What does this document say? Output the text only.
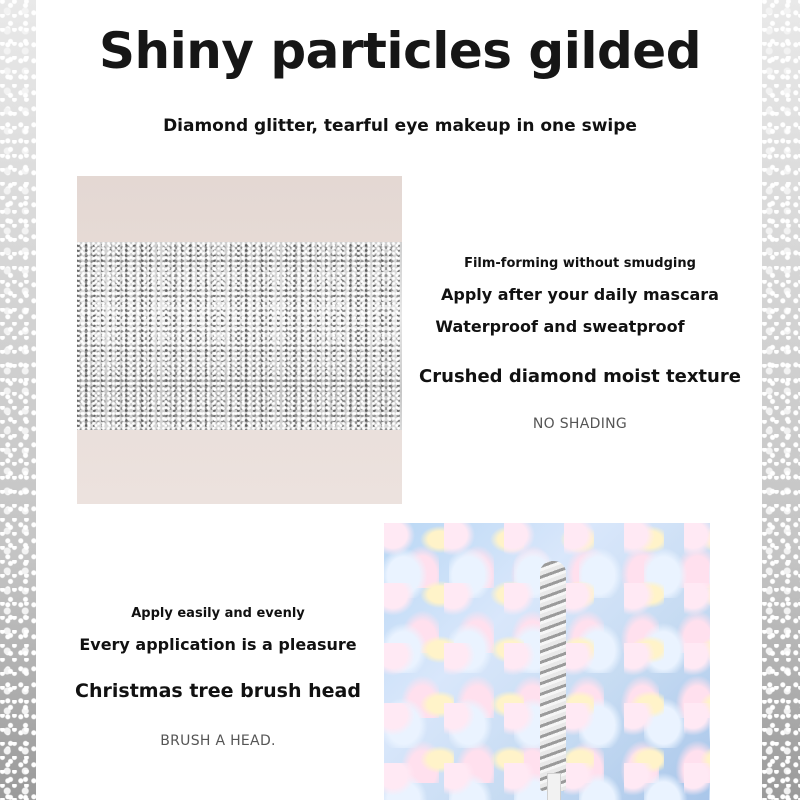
Shiny particles gilded
Diamond glitter, tearful eye makeup in one swipe
Film-forming without smudging
Apply after your daily mascara
Waterproof and sweatproof
Crushed diamond moist texture
NO SHADING
Apply easily and evenly
Every application is a pleasure
Christmas tree brush head
BRUSH A HEAD.
